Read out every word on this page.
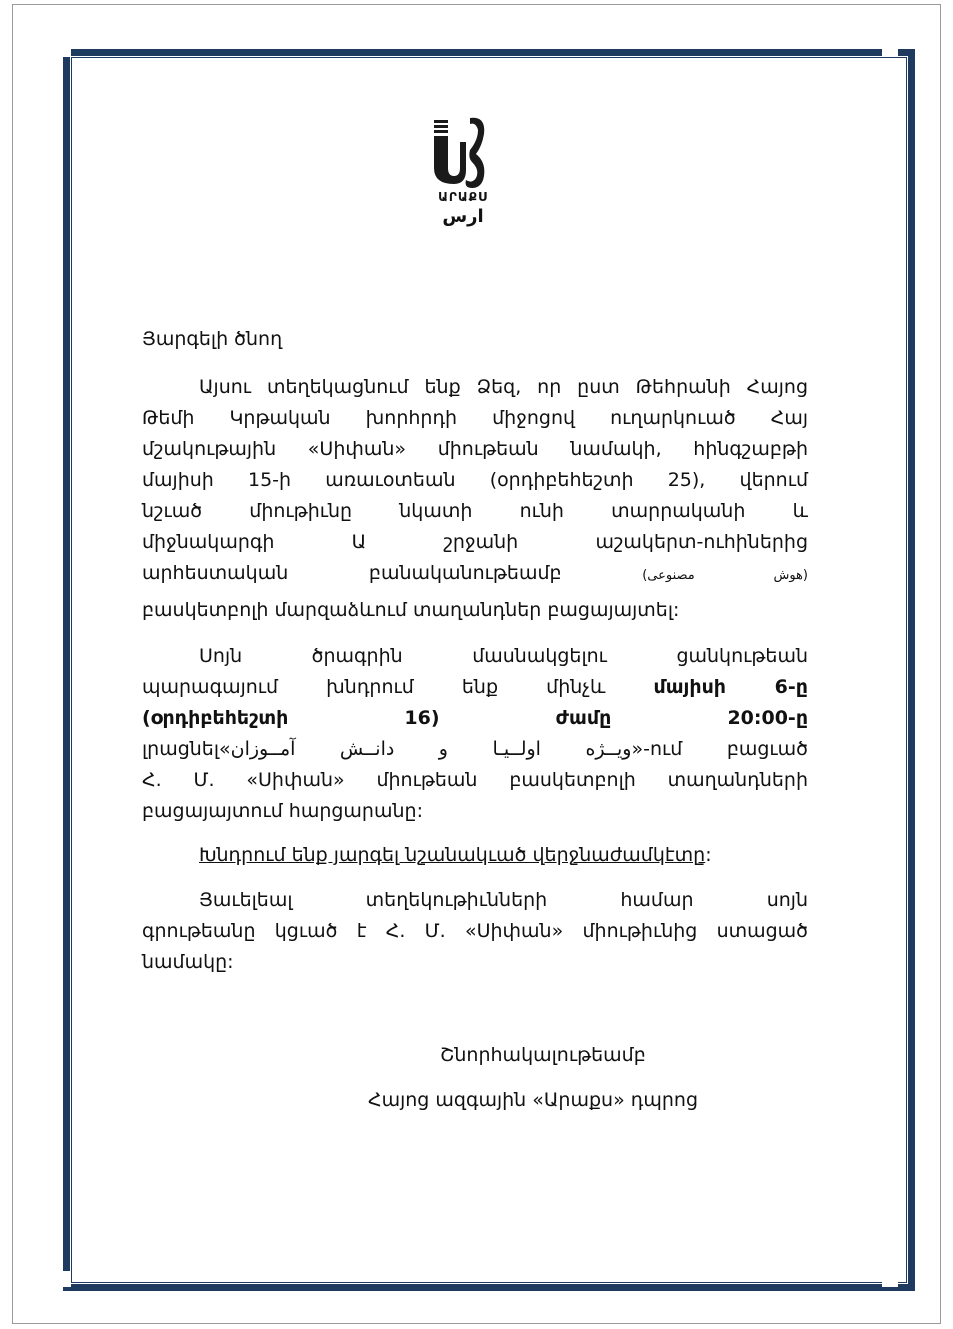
ԱՐԱՔՍ
ارس
Յարգելի ծնող
Այսու տեղեկացնում ենք Ձեզ, որ ըստ Թեհրանի Հայոց
Թեմի Կրթական խորհրդի միջոցով ուղարկուած Հայ
մշակութային «Սիփան» միութեան նամակի, հինգշաբթի
մայիսի 15-ի առաւօտեան (օրդիբեհեշտի 25), վերում
նշւած միութիւնը նկատի ունի տարրականի և
միջնակարգի Ա շրջանի աշակերտ-ուհիներից
արհեստական բանականութեամբ	(هوش مصنوعی)
բասկետբոլի մարզաձևում տաղանդներ բացայայտել:
Սոյն ծրագրին մասնակցելու ցանկութեան
պարագայում խնդրում ենք մինչև	մայիսի 6-ը
(օրդիբեհեշտի 16) ժամը 20:00-ը
լրացնել«ویــژه اولــیـا و دانــش آمــوزان»-ում բացւած
Հ. Մ. «Սիփան» միութեան բասկետբոլի տաղանդների
բացայայտում հարցարանը:
Խնդրում ենք յարգել նշանակւած վերջնաժամկէտը:
Յաւելեալ տեղեկութիւնների համար սոյն
գրութեանը կցւած է Հ. Մ. «Սիփան» միութիւնից ստացած
նամակը:
Շնորհակալութեամբ
Հայոց ազգային «Արաքս» դպրոց
